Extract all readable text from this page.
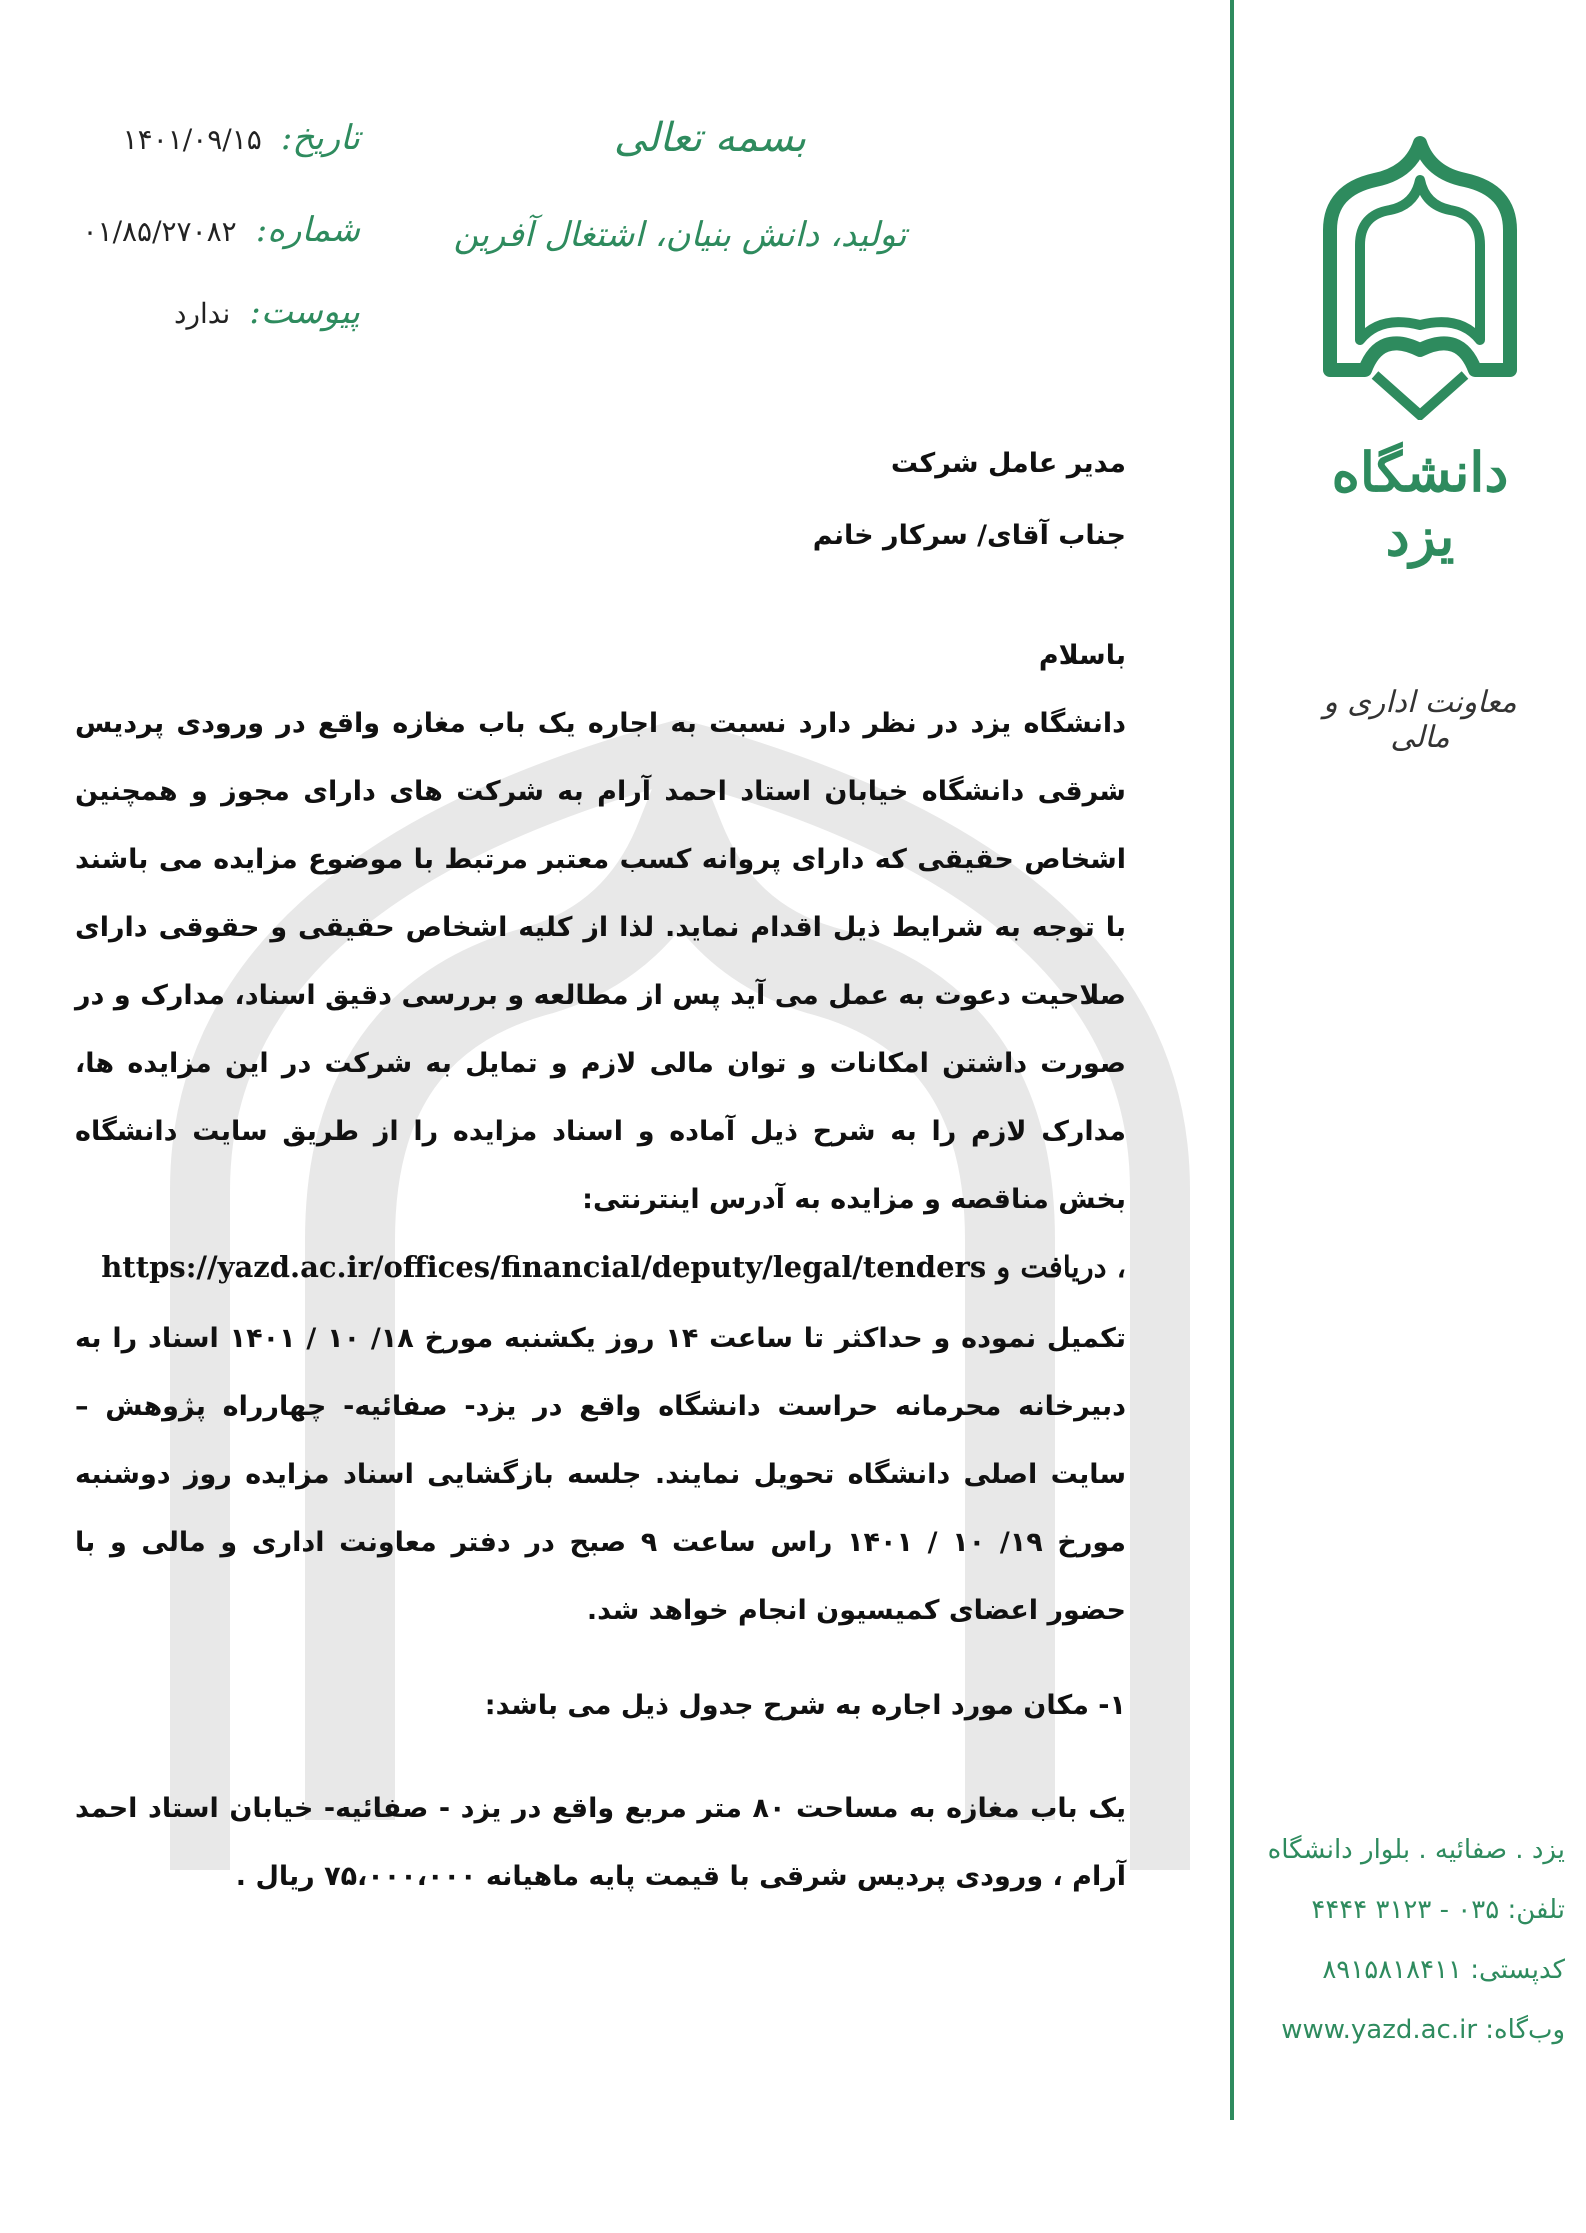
دانشگاه یزد
معاونت اداری و مالی
بسمه تعالی
تولید، دانش بنیان، اشتغال آفرین
تاریخ: ۱۴۰۱/۰۹/۱۵
شماره: ۰۱/۸۵/۲۷۰۸۲
پیوست: ندارد
مدیر عامل شرکت
جناب آقای/ سرکار خانم
باسلام
دانشگاه یزد در نظر دارد نسبت به اجاره یک باب مغازه واقع در ورودی پردیس شرقی دانشگاه خیابان استاد احمد آرام به شرکت های دارای مجوز و همچنین اشخاص حقیقی که دارای پروانه کسب معتبر مرتبط با موضوع مزایده می باشند با توجه به شرایط ذیل اقدام نماید. لذا از کلیه اشخاص حقیقی و حقوقی دارای صلاحیت دعوت به عمل می آید پس از مطالعه و بررسی دقیق اسناد، مدارک و در صورت داشتن امکانات و توان مالی لازم و تمایل به شرکت در این مزایده ها، مدارک لازم را به شرح ذیل آماده و اسناد مزایده را از طریق سایت دانشگاه بخش مناقصه و مزایده به آدرس اینترنتی:
، دریافت و https://yazd.ac.ir/offices/financial/deputy/legal/tenders
تکمیل نموده و حداکثر تا ساعت ۱۴ روز یکشنبه مورخ ۱۸/ ۱۰ / ۱۴۰۱ اسناد را به دبیرخانه محرمانه حراست دانشگاه واقع در یزد- صفائیه- چهارراه پژوهش –سایت اصلی دانشگاه تحویل نمایند. جلسه بازگشایی اسناد مزایده روز دوشنبه مورخ ۱۹/ ۱۰ / ۱۴۰۱ راس ساعت ۹ صبح در دفتر معاونت اداری و مالی و با حضور اعضای کمیسیون انجام خواهد شد.
۱- مکان مورد اجاره به شرح جدول ذیل می باشد:
یک باب مغازه به مساحت ۸۰ متر مربع واقع در یزد - صفائیه- خیابان استاد احمد آرام ، ورودی پردیس شرقی با قیمت پایه ماهیانه ۷۵،۰۰۰،۰۰۰ ریال .
یزد . صفائیه . بلوار دانشگاه
تلفن: ۰۳۵ - ۳۱۲۳ ۴۴۴۴
کدپستی: ۸۹۱۵۸۱۸۴۱۱
وب‌گاه: www.yazd.ac.ir
